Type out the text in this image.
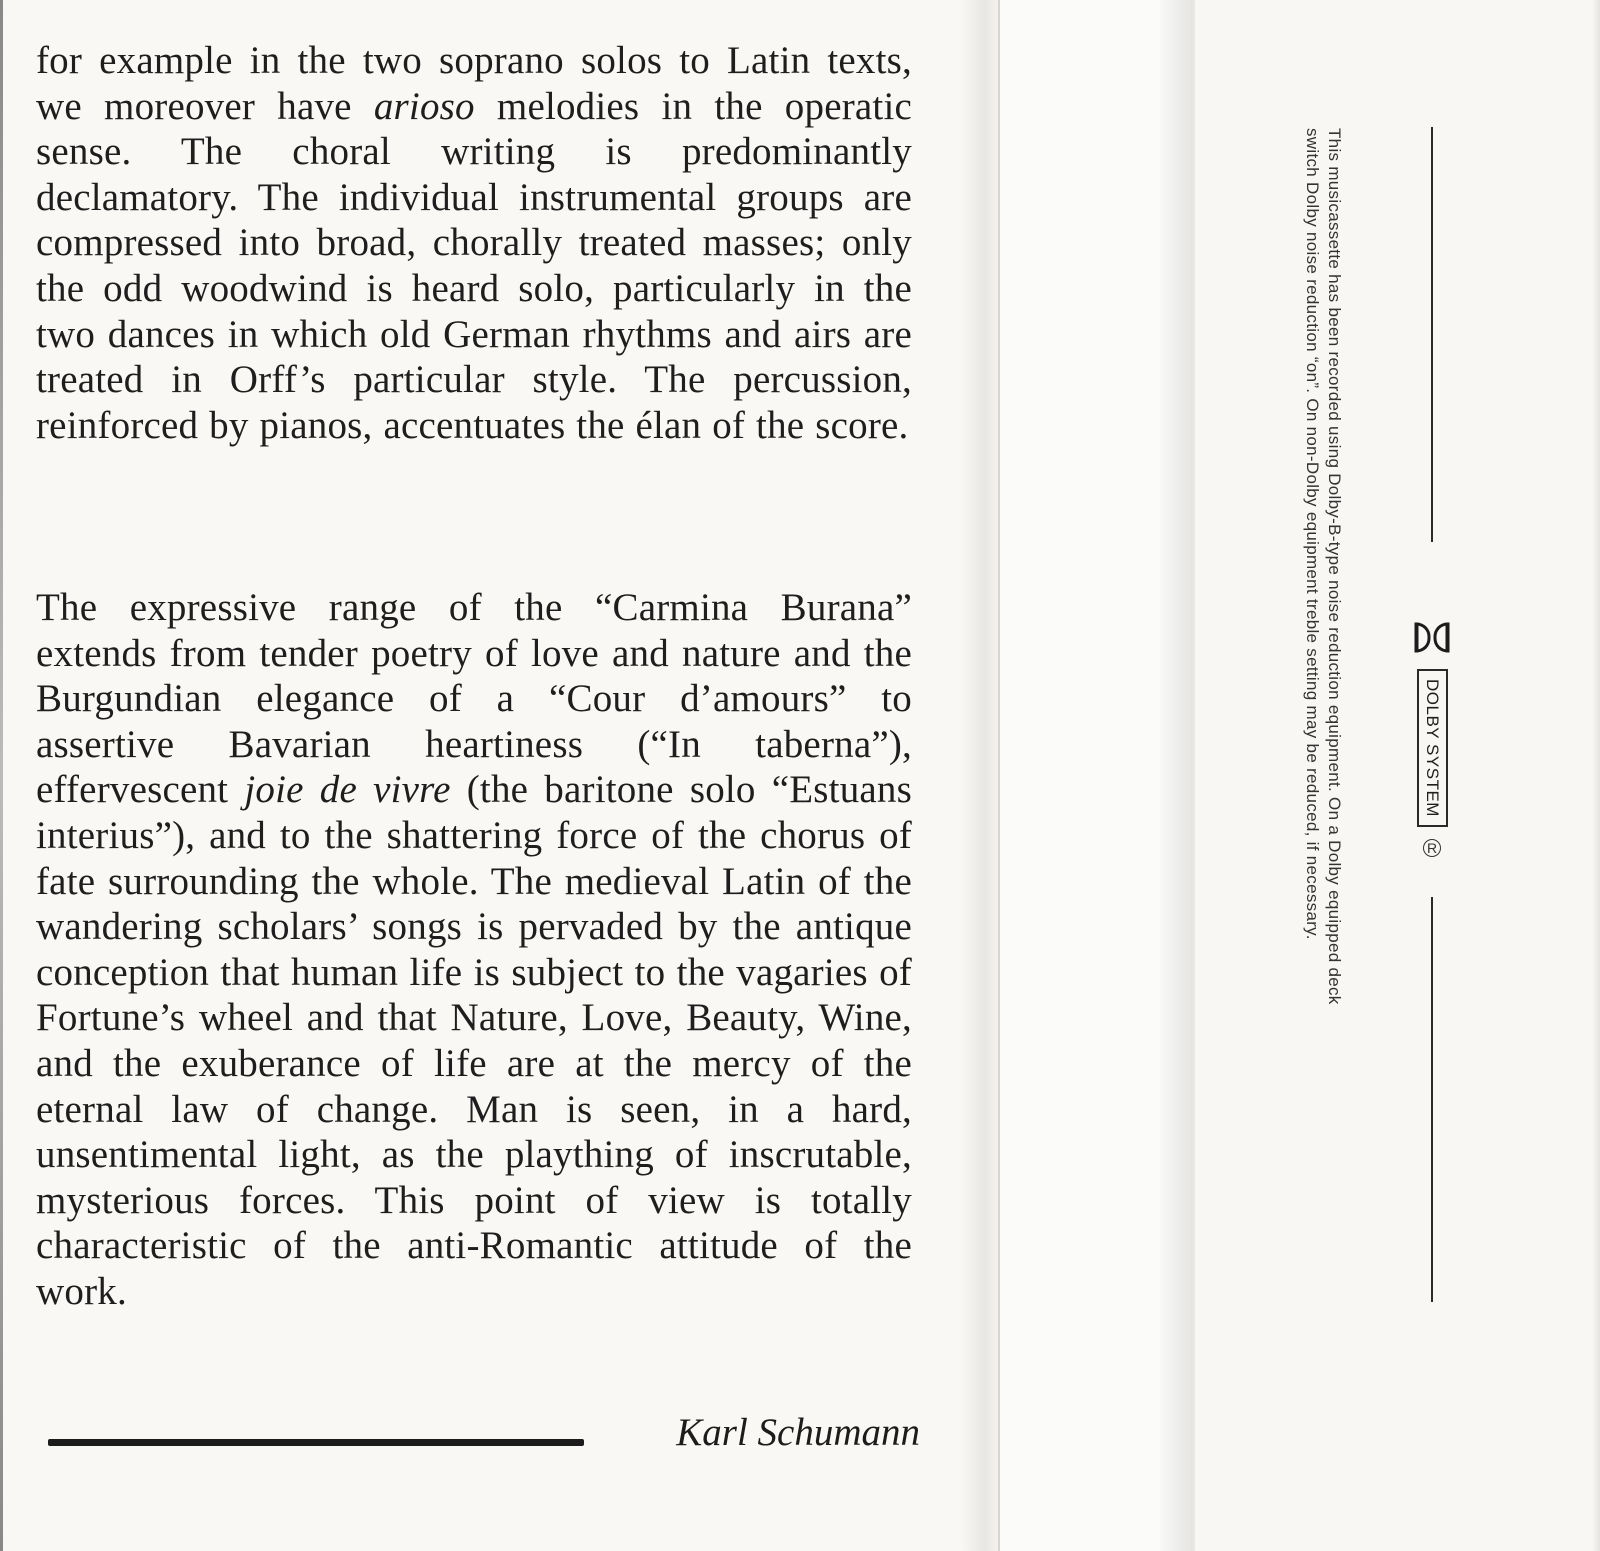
for example in the two soprano solos to Latin texts, we moreover have arioso melodies in the operatic sense. The choral writing is predominantly declamatory. The individual instrumental groups are compressed into broad, chorally treated masses; only the odd woodwind is heard solo, particularly in the two dances in which old German rhythms and airs are treated in Orff’s particular style. The percussion, reinforced by pianos, accentuates the élan of the score.
The expressive range of the “Carmina Burana” extends from tender poetry of love and nature and the Burgundian elegance of a “Cour d’amours” to assertive Bavarian heartiness (“In taberna”), effervescent joie de vivre (the baritone solo “Estuans interius”), and to the shattering force of the chorus of fate surrounding the whole. The medieval Latin of the wandering scholars’ songs is pervaded by the antique conception that human life is subject to the vagaries of Fortune’s wheel and that Nature, Love, Beauty, Wine, and the exuberance of life are at the mercy of the eternal law of change. Man is seen, in a hard, unsentimental light, as the plaything of inscrutable, mysterious forces. This point of view is totally characteristic of the anti-Romantic attitude of the work.
Karl Schumann
This musicassette has been recorded using Dolby-B-type noise reduction equipment. On a Dolby equipped deck
switch Dolby noise reduction “on”. On non-Dolby equipment treble setting may be reduced, if necessary.	DOLBY SYSTEM
R
